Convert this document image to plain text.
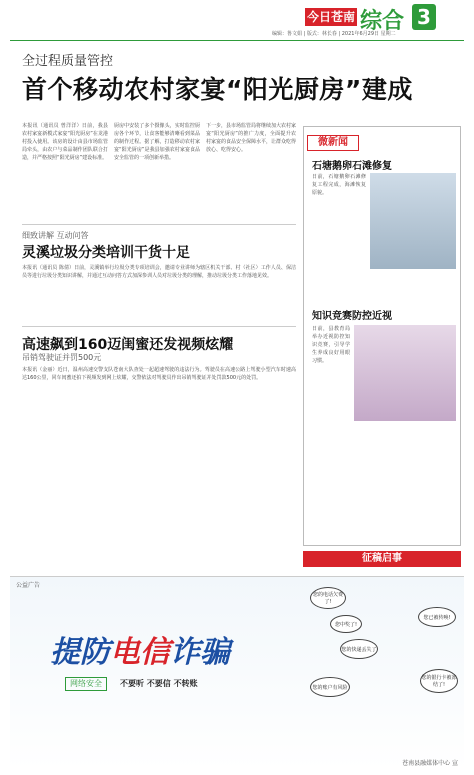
今日苍南 综合 3
编辑：鲁文娟 | 版式：林长春 | 2021年6月29日 星期二
全过程质量管控
首个移动农村家宴“阳光厨房”建成
本报讯（通讯员 曾洋洋）日前，我县农村家宴新模式家宴“阳光厨房”在龙港村投入使用。该房的设计由县市场监管局牵头，由农户与菜品制作团队联合打造，并严格按照“阳光厨房”建设标准。
厨房中安装了多个摄像头，实时监控厨房各个环节，让食客能够清晰看到菜品的制作过程。据了解，打造移动农村家宴“阳光厨房”是我县加强农村家宴食品安全监管的一项创新举措。
下一步，县市场监管局将继续加大农村家宴“阳光厨房”的推广力度，全面提升农村家宴的食品安全保障水平，让群众吃得放心、吃得安心。
细致讲解 互动问答
灵溪垃圾分类培训干货十足
本报讯（通讯员 陈倩）日前，灵溪镇举行垃圾分类专项培训会，邀请专业讲师为辖区机关干部、村（社区）工作人员、保洁员等进行垃圾分类知识讲解，并通过互动问答方式加深参训人员对垃圾分类的理解，推动垃圾分类工作落地见效。
高速飙到160迈闺蜜还发视频炫耀
吊销驾驶证并罚500元
本报讯（金丽）近日，温州高速交警支队苍南大队查处一起超速驾驶的违法行为。驾驶员在高速公路上驾驶小型汽车时速高达160公里，同车闺蜜还拍下视频发到网上炫耀，交警依法对驾驶员作出吊销驾驶证并处罚款500元的处罚。
微新闻
石塘鹅卵石滩修复
日前，石塘鹅卵石滩修复工程完成，海滩恢复原貌。
知识竞赛防控近视
日前，县教育局举办近视防控知识竞赛，引导学生养成良好用眼习惯。
征稿启事
公益广告
提防电信诈骗
网络安全	不要听 不要信 不转账
您的电话欠费了!
您中奖了!
您的快递丢失了
您的银行卡被冻结了!
您已被传唤!
您的账户有风险
苍南县融媒体中心 宣
